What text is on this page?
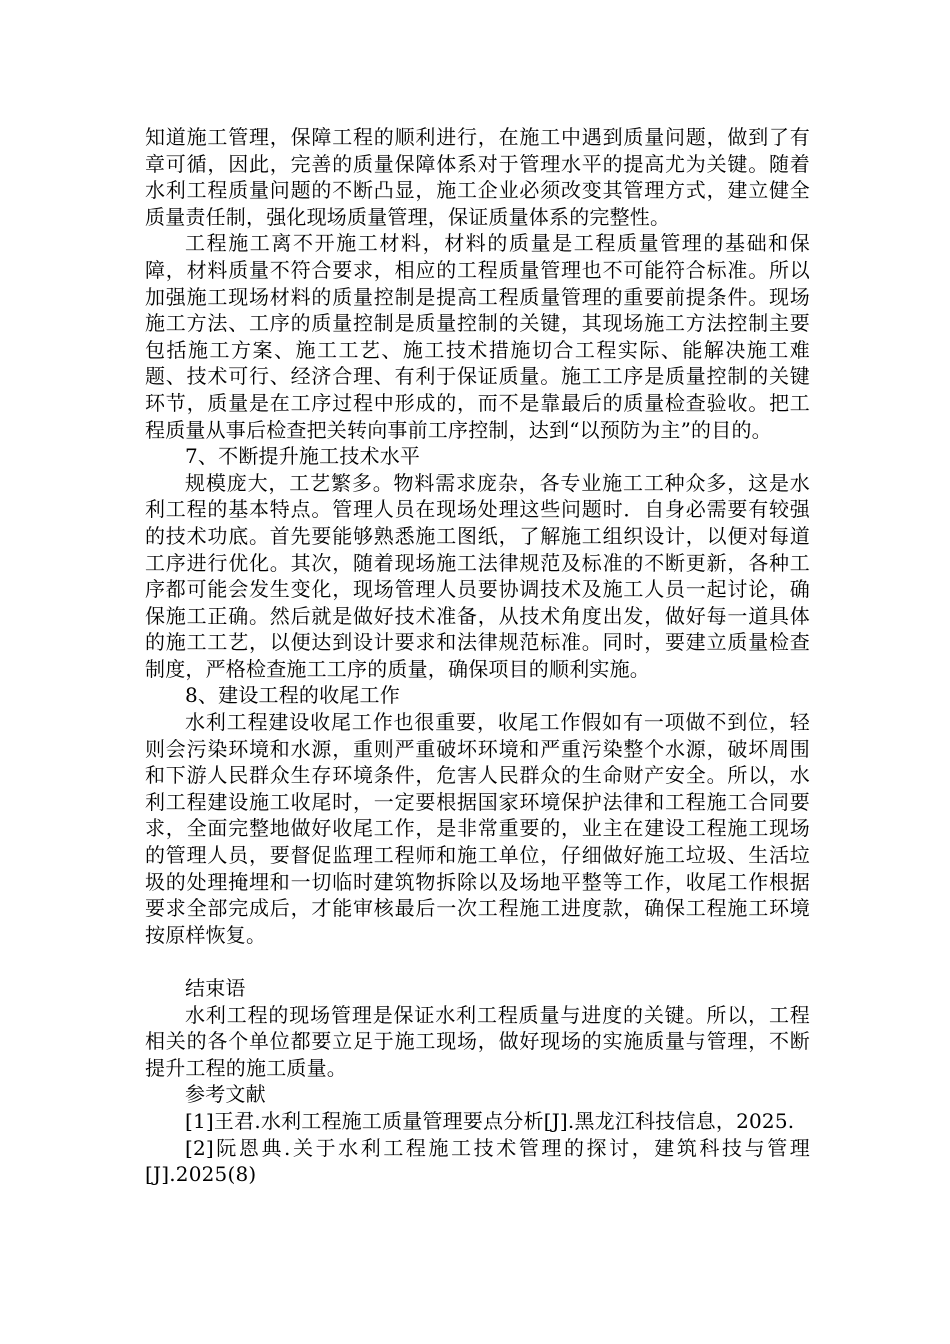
知道施工管理，保障工程的顺利进行，在施工中遇到质量问题，做到了有章可循，因此，完善的质量保障体系对于管理水平的提高尤为关键。随着水利工程质量问题的不断凸显，施工企业必须改变其管理方式，建立健全质量责任制，强化现场质量管理，保证质量体系的完整性。

工程施工离不开施工材料，材料的质量是工程质量管理的基础和保障，材料质量不符合要求，相应的工程质量管理也不可能符合标准。所以加强施工现场材料的质量控制是提高工程质量管理的重要前提条件。现场施工方法、工序的质量控制是质量控制的关键，其现场施工方法控制主要包括施工方案、施工工艺、施工技术措施切合工程实际、能解决施工难题、技术可行、经济合理、有利于保证质量。施工工序是质量控制的关键环节，质量是在工序过程中形成的，而不是靠最后的质量检查验收。把工程质量从事后检查把关转向事前工序控制，达到“以预防为主”的目的。

7、不断提升施工技术水平

规模庞大，工艺繁多。物料需求庞杂，各专业施工工种众多，这是水利工程的基本特点。管理人员在现场处理这些问题时．自身必需要有较强的技术功底。首先要能够熟悉施工图纸，了解施工组织设计，以便对每道工序进行优化。其次，随着现场施工法律规范及标准的不断更新，各种工序都可能会发生变化，现场管理人员要协调技术及施工人员一起讨论，确保施工正确。然后就是做好技术准备，从技术角度出发，做好每一道具体的施工工艺，以便达到设计要求和法律规范标准。同时，要建立质量检查制度，严格检查施工工序的质量，确保项目的顺利实施。

8、建设工程的收尾工作

水利工程建设收尾工作也很重要，收尾工作假如有一项做不到位，轻则会污染环境和水源，重则严重破坏环境和严重污染整个水源，破坏周围和下游人民群众生存环境条件，危害人民群众的生命财产安全。所以，水利工程建设施工收尾时，一定要根据国家环境保护法律和工程施工合同要求，全面完整地做好收尾工作，是非常重要的，业主在建设工程施工现场的管理人员，要督促监理工程师和施工单位，仔细做好施工垃圾、生活垃圾的处理掩埋和一切临时建筑物拆除以及场地平整等工作，收尾工作根据要求全部完成后，才能审核最后一次工程施工进度款，确保工程施工环境按原样恢复。

结束语

水利工程的现场管理是保证水利工程质量与进度的关键。所以，工程相关的各个单位都要立足于施工现场，做好现场的实施质量与管理，不断提升工程的施工质量。

参考文献

[1]王君.水利工程施工质量管理要点分析[J].黑龙江科技信息，2025.

[2]阮恩典.关于水利工程施工技术管理的探讨，建筑科技与管理[J].2025(8)
